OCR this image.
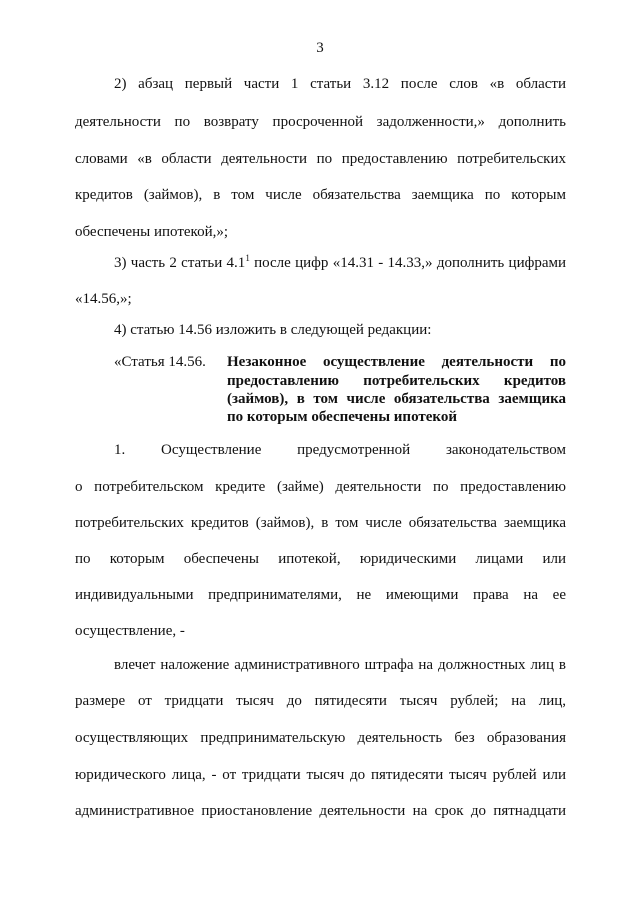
3
2) абзац первый части 1 статьи 3.12 после слов «в области
деятельности по возврату просроченной задолженности,» дополнить
словами «в области деятельности по предоставлению потребительских
кредитов (займов), в том числе обязательства заемщика по которым
обеспечены ипотекой,»;
3) часть 2 статьи $4.1^1$ после цифр «14.31 - 14.33,» дополнить цифрами
«14.56,»;
4) статью 14.56 изложить в следующей редакции:
«Статья 14.56. Незаконное осуществление деятельности по
предоставлению потребительских кредитов
(займов), в том числе обязательства заемщика
по которым обеспечены ипотекой
1. Осуществление предусмотренной законодательством
о потребительском кредите (займе) деятельности по предоставлению
потребительских кредитов (займов), в том числе обязательства заемщика
по которым обеспечены ипотекой, юридическими лицами или
индивидуальными предпринимателями, не имеющими права на ее
осуществление, -
влечет наложение административного штрафа на должностных лиц в
размере от тридцати тысяч до пятидесяти тысяч рублей; на лиц,
осуществляющих предпринимательскую деятельность без образования
юридического лица, - от тридцати тысяч до пятидесяти тысяч рублей или
административное приостановление деятельности на срок до пятнадцати
